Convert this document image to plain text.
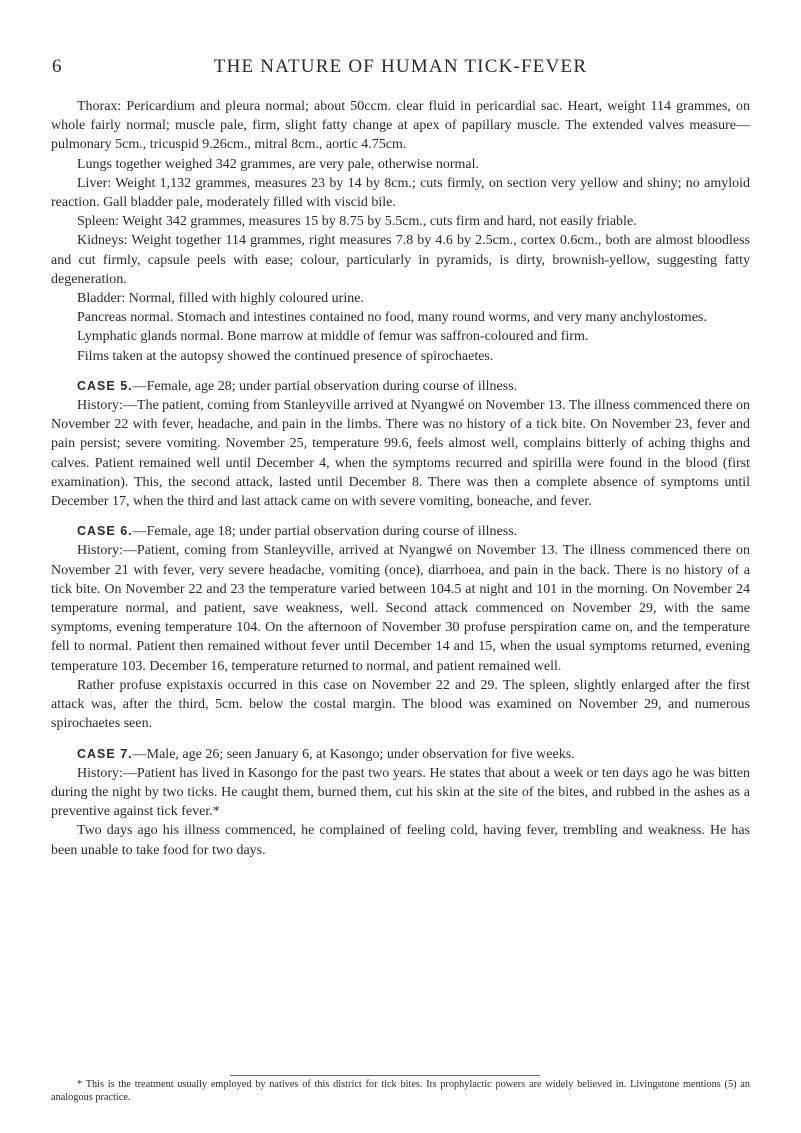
6	THE NATURE OF HUMAN TICK-FEVER

Thorax: Pericardium and pleura normal; about 50ccm. clear fluid in pericardial sac. Heart, weight 114 grammes, on whole fairly normal; muscle pale, firm, slight fatty change at apex of papillary muscle. The extended valves measure—pulmonary 5cm., tricuspid 9.26cm., mitral 8cm., aortic 4.75cm.

Lungs together weighed 342 grammes, are very pale, otherwise normal.

Liver: Weight 1,132 grammes, measures 23 by 14 by 8cm.; cuts firmly, on section very yellow and shiny; no amyloid reaction. Gall bladder pale, moderately filled with viscid bile.

Spleen: Weight 342 grammes, measures 15 by 8.75 by 5.5cm., cuts firm and hard, not easily friable.

Kidneys: Weight together 114 grammes, right measures 7.8 by 4.6 by 2.5cm., cortex 0.6cm., both are almost bloodless and cut firmly, capsule peels with ease; colour, particularly in pyramids, is dirty, brownish-yellow, suggesting fatty degeneration.

Bladder: Normal, filled with highly coloured urine.

Pancreas normal. Stomach and intestines contained no food, many round worms, and very many anchylostomes.

Lymphatic glands normal. Bone marrow at middle of femur was saffron-coloured and firm.

Films taken at the autopsy showed the continued presence of spirochaetes.

CASE 5.—Female, age 28; under partial observation during course of illness.

History:—The patient, coming from Stanleyville arrived at Nyangwé on November 13. The illness commenced there on November 22 with fever, headache, and pain in the limbs. There was no history of a tick bite. On November 23, fever and pain persist; severe vomiting. November 25, temperature 99.6, feels almost well, complains bitterly of aching thighs and calves. Patient remained well until December 4, when the symptoms recurred and spirilla were found in the blood (first examination). This, the second attack, lasted until December 8. There was then a complete absence of symptoms until December 17, when the third and last attack came on with severe vomiting, boneache, and fever.

CASE 6.—Female, age 18; under partial observation during course of illness.

History:—Patient, coming from Stanleyville, arrived at Nyangwé on November 13. The illness commenced there on November 21 with fever, very severe headache, vomiting (once), diarrhoea, and pain in the back. There is no history of a tick bite. On November 22 and 23 the temperature varied between 104.5 at night and 101 in the morning. On November 24 temperature normal, and patient, save weakness, well. Second attack commenced on November 29, with the same symptoms, evening temperature 104. On the afternoon of November 30 profuse perspiration came on, and the temperature fell to normal. Patient then remained without fever until December 14 and 15, when the usual symptoms returned, evening temperature 103. December 16, temperature returned to normal, and patient remained well.

Rather profuse expistaxis occurred in this case on November 22 and 29. The spleen, slightly enlarged after the first attack was, after the third, 5cm. below the costal margin. The blood was examined on November 29, and numerous spirochaetes seen.

CASE 7.—Male, age 26; seen January 6, at Kasongo; under observation for five weeks.

History:—Patient has lived in Kasongo for the past two years. He states that about a week or ten days ago he was bitten during the night by two ticks. He caught them, burned them, cut his skin at the site of the bites, and rubbed in the ashes as a preventive against tick fever.*

Two days ago his illness commenced, he complained of feeling cold, having fever, trembling and weakness. He has been unable to take food for two days.

* This is the treatment usually employed by natives of this district for tick bites. Its prophylactic powers are widely believed in. Livingstone mentions (5) an analogous practice.
